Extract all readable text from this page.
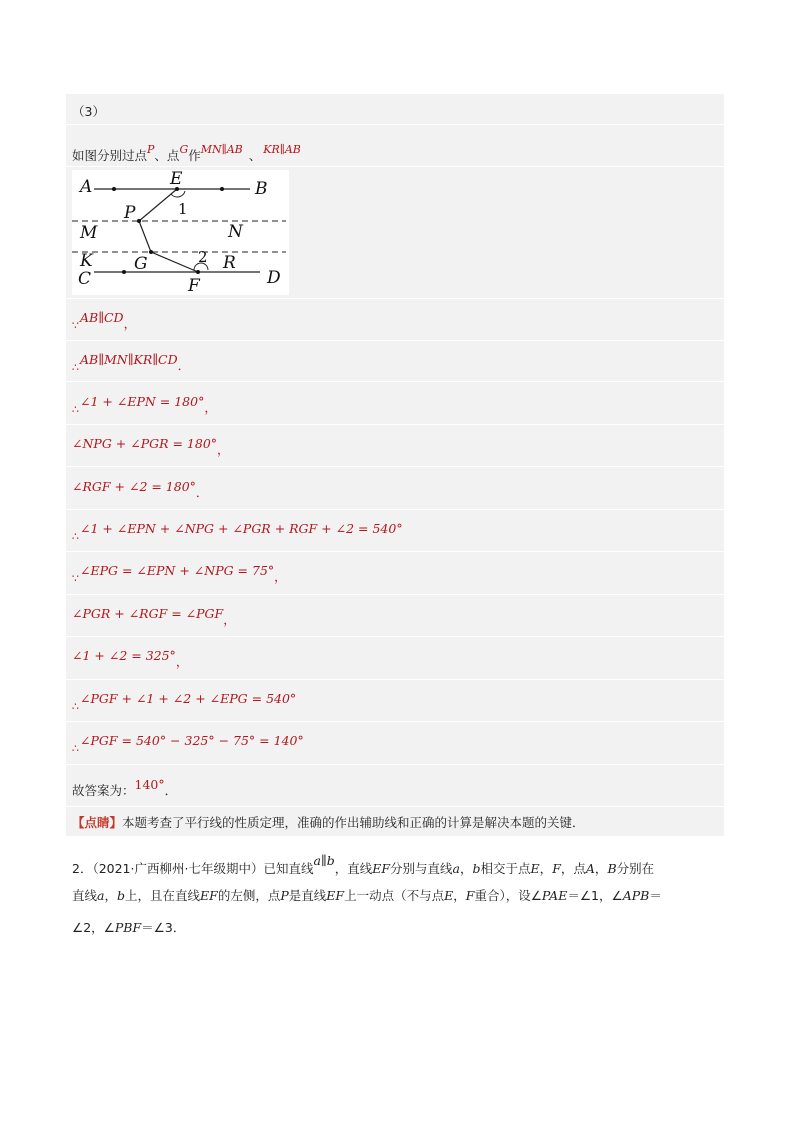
（3）
如图分别过点P、点G作MN∥AB 、 KR∥AB
A	E	B
P	1
M	N
K G	2 R
C	F	D
∵
AB∥CD，
∴
AB∥MN∥KR∥CD．
∴
∠1 + ∠EPN = 180°，
∠NPG + ∠PGR = 180°，
∠RGF + ∠2 = 180°．
∴
∠1 + ∠EPN + ∠NPG + ∠PGR + RGF + ∠2 = 540°
∵
∠EPG = ∠EPN + ∠NPG = 75°，
∠PGR + ∠RGF = ∠PGF，
∠1 + ∠2 = 325°，
∴
∠PGF + ∠1 + ∠2 + ∠EPG = 540°
∴
∠PGF = 540° − 325° − 75° = 140°
故答案为：140°．
【点睛】本题考查了平行线的性质定理，准确的作出辅助线和正确的计算是解决本题的关键．
2．（2021·广西柳州·七年级期中）已知直线a∥b，直线EF分别与直线a，b相交于点E，F，点A，B分别在
直线a，b上，且在直线EF的左侧，点P是直线EF上一动点（不与点E，F重合），设∠PAE＝∠1，∠APB＝
∠2，∠PBF＝∠3．
